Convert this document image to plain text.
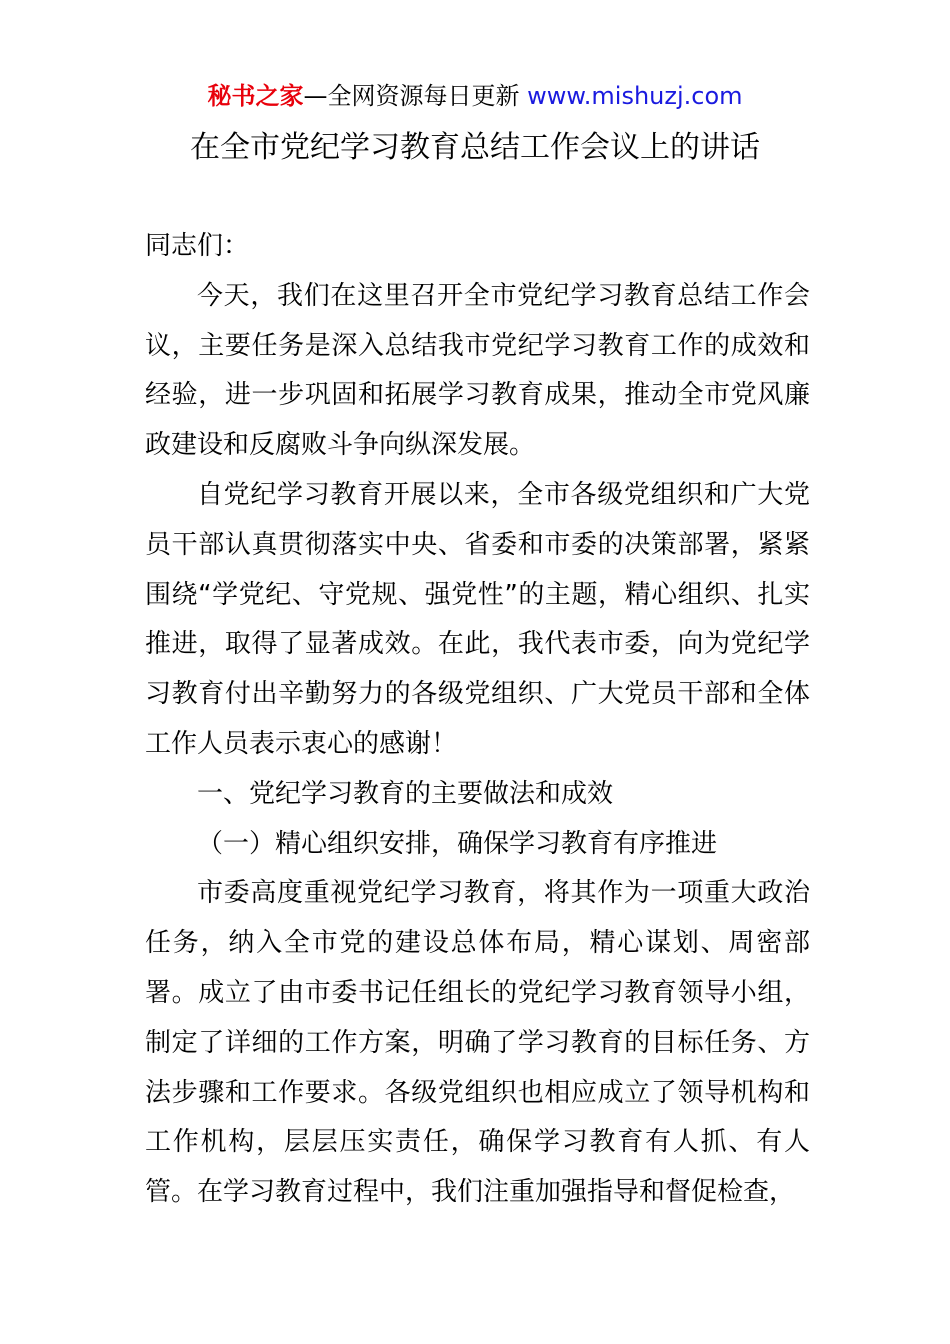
秘书之家—全网资源每日更新 www.mishuzj.com
在全市党纪学习教育总结工作会议上的讲话

同志们：

今天，我们在这里召开全市党纪学习教育总结工作会议，主要任务是深入总结我市党纪学习教育工作的成效和经验，进一步巩固和拓展学习教育成果，推动全市党风廉政建设和反腐败斗争向纵深发展。

自党纪学习教育开展以来，全市各级党组织和广大党员干部认真贯彻落实中央、省委和市委的决策部署，紧紧围绕“学党纪、守党规、强党性”的主题，精心组织、扎实推进，取得了显著成效。在此，我代表市委，向为党纪学习教育付出辛勤努力的各级党组织、广大党员干部和全体工作人员表示衷心的感谢！

一、党纪学习教育的主要做法和成效

（一）精心组织安排，确保学习教育有序推进

市委高度重视党纪学习教育，将其作为一项重大政治任务，纳入全市党的建设总体布局，精心谋划、周密部署。成立了由市委书记任组长的党纪学习教育领导小组，制定了详细的工作方案，明确了学习教育的目标任务、方法步骤和工作要求。各级党组织也相应成立了领导机构和工作机构，层层压实责任，确保学习教育有人抓、有人管。在学习教育过程中，我们注重加强指导和督促检查，
